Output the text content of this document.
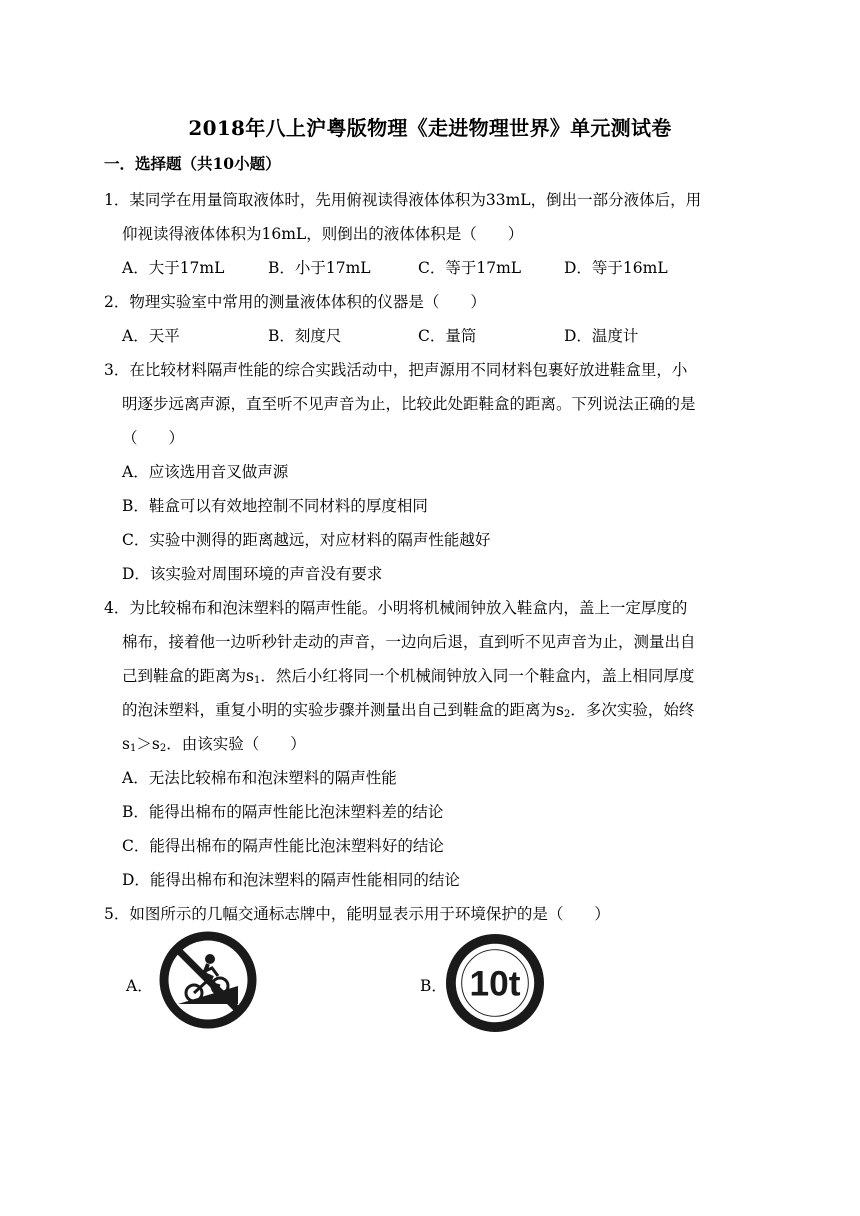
2018年八上沪粤版物理《走进物理世界》单元测试卷
一．选择题（共10小题）
1．某同学在用量筒取液体时，先用俯视读得液体体积为33mL，倒出一部分液体后，用
仰视读得液体体积为16mL，则倒出的液体体积是（　　）
A．大于17mL	B．小于17mL	C．等于17mL	D．等于16mL
2．物理实验室中常用的测量液体体积的仪器是（　　）
A．天平	B．刻度尺	C．量筒	D．温度计
3．在比较材料隔声性能的综合实践活动中，把声源用不同材料包裹好放进鞋盒里，小
明逐步远离声源，直至听不见声音为止，比较此处距鞋盒的距离。下列说法正确的是
（　　）
A．应该选用音叉做声源
B．鞋盒可以有效地控制不同材料的厚度相同
C．实验中测得的距离越远，对应材料的隔声性能越好
D．该实验对周围环境的声音没有要求
4．为比较棉布和泡沫塑料的隔声性能。小明将机械闹钟放入鞋盒内，盖上一定厚度的
棉布，接着他一边听秒针走动的声音，一边向后退，直到听不见声音为止，测量出自
己到鞋盒的距离为$s_1$．然后小红将同一个机械闹钟放入同一个鞋盒内，盖上相同厚度
的泡沫塑料，重复小明的实验步骤并测量出自己到鞋盒的距离为$s_2$．多次实验，始终
$s_1>s_2$．由该实验（　　）
A．无法比较棉布和泡沫塑料的隔声性能
B．能得出棉布的隔声性能比泡沫塑料差的结论
C．能得出棉布的隔声性能比泡沫塑料好的结论
D．能得出棉布和泡沫塑料的隔声性能相同的结论
5．如图所示的几幅交通标志牌中，能明显表示用于环境保护的是（　　）
A．	B． 10t
